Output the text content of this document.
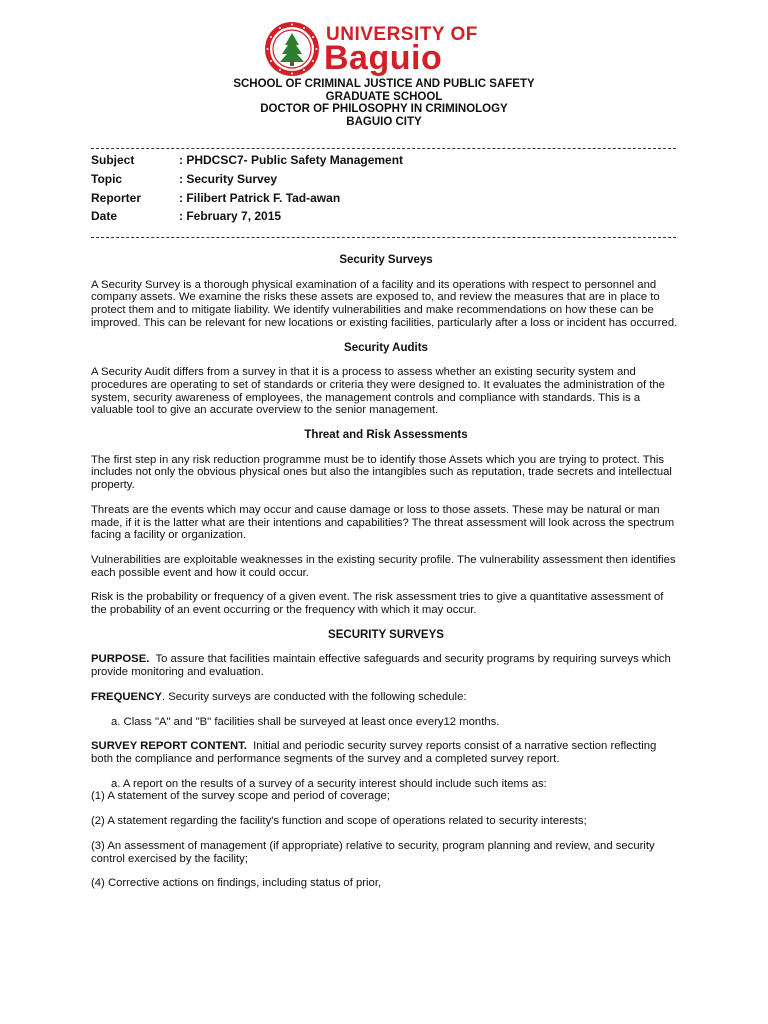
UNIVERSITY OF
Baguio
SCHOOL OF CRIMINAL JUSTICE AND PUBLIC SAFETY
GRADUATE SCHOOL
DOCTOR OF PHILOSOPHY IN CRIMINOLOGY
BAGUIO CITY
Subject	: PHDCSC7- Public Safety Management
Topic	: Security Survey
Reporter	: Filibert Patrick F. Tad-awan
Date	: February 7, 2015
Security Surveys
A Security Survey is a thorough physical examination of a facility and its operations with respect to personnel and company assets. We examine the risks these assets are exposed to, and review the measures that are in place to protect them and to mitigate liability. We identify vulnerabilities and make recommendations on how these can be improved. This can be relevant for new locations or existing facilities, particularly after a loss or incident has occurred.
Security Audits
A Security Audit differs from a survey in that it is a process to assess whether an existing security system and procedures are operating to set of standards or criteria they were designed to. It evaluates the administration of the system, security awareness of employees, the management controls and compliance with standards. This is a valuable tool to give an accurate overview to the senior management.
Threat and Risk Assessments
The first step in any risk reduction programme must be to identify those Assets which you are trying to protect. This includes not only the obvious physical ones but also the intangibles such as reputation, trade secrets and intellectual property.
Threats are the events which may occur and cause damage or loss to those assets. These may be natural or man made, if it is the latter what are their intentions and capabilities? The threat assessment will look across the spectrum facing a facility or organization.
Vulnerabilities are exploitable weaknesses in the existing security profile. The vulnerability assessment then identifies each possible event and how it could occur.
Risk is the probability or frequency of a given event. The risk assessment tries to give a quantitative assessment of the probability of an event occurring or the frequency with which it may occur.
SECURITY SURVEYS
PURPOSE. To assure that facilities maintain effective safeguards and security programs by requiring surveys which provide monitoring and evaluation.
FREQUENCY. Security surveys are conducted with the following schedule:
a. Class "A" and "B" facilities shall be surveyed at least once every12 months.
SURVEY REPORT CONTENT. Initial and periodic security survey reports consist of a narrative section reflecting both the compliance and performance segments of the survey and a completed survey report.
a. A report on the results of a survey of a security interest should include such items as:
(1) A statement of the survey scope and period of coverage;
(2) A statement regarding the facility's function and scope of operations related to security interests;
(3) An assessment of management (if appropriate) relative to security, program planning and review, and security control exercised by the facility;
(4) Corrective actions on findings, including status of prior,
